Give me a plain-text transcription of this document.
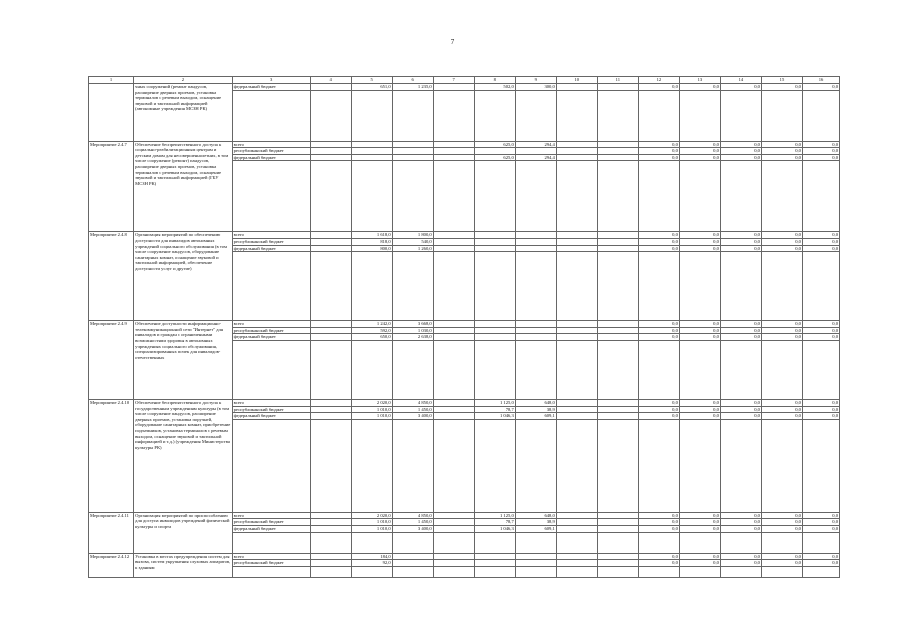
7
1	2	3	4	5	6	7	8	9	10	11	12	13	14	15	16
	чных сооружений (ремонт пандусов, расширение дверных проемов, установка терминалов с речевым выходом, оснащение звуковой и тактильной информацией (автономные учреждения МСЗН РК)	федеральный бюджет		651,0	1 235,0		502,0	300,0			0,0	0,0	0,0	0,0	0,0

Мероприятие 2.4.7	Обеспечение беспрепятственного доступа к социально-реабилитационным центрам и детским домам для несовершеннолетних, в том числе сооружение (ремонт) пандусов, расширение дверных проемов, установка терминалов с речевым выходом, оснащение звуковой и тактильной информацией (ГБУ МСЗН РК)	всего					625,0	294,4			0,0	0,0	0,0	0,0	0,0
		республиканский бюджет									0,0	0,0	0,0	0,0	0,0
		федеральный бюджет					625,0	294,4			0,0	0,0	0,0	0,0	0,0

Мероприятие 2.4.8	Организация мероприятий по обеспечению доступности для инвалидов автономных учреждений социального обслуживания (в том числе сооружение пандусов, оборудование санитарных комнат, оснащение звуковой и тактильной информацией, обеспечение доступности услуг и другие)	всего		1 618,0	1 800,0						0,0	0,0	0,0	0,0	0,0
		республиканский бюджет		818,0	540,0						0,0	0,0	0,0	0,0	0,0
		федеральный бюджет		800,0	1 260,0						0,0	0,0	0,0	0,0	0,0

Мероприятие 2.4.9	Обеспечение доступности информационно-телекоммуникационной сети "Интернет" для инвалидов и граждан с ограниченными возможностями здоровья в автономных учреждениях социального обслуживания, специализированных почек для инвалидов-отечественных	всего		1 242,0	3 668,0						0,0	0,0	0,0	0,0	0,0
		республиканский бюджет		592,0	1 030,0						0,0	0,0	0,0	0,0	0,0
		федеральный бюджет		650,0	2 638,0						0,0	0,0	0,0	0,0	0,0

Мероприятие 2.4.10	Обеспечение беспрепятственного доступа к государственным учреждениям культуры (в том числе сооружение пандусов, расширение дверных проемов, установка поручней, оборудование санитарных комнат, приобретение подъемников, установка терминалов с речевым выходом, оснащение звуковой и тактильной информацией и т.д.) (учреждения Министерства культуры РК)	всего		2 020,0	4 850,0		1 125,0	648,0			0,0	0,0	0,0	0,0	0,0
		республиканский бюджет		1 010,0	1 450,0		78,7	38,9			0,0	0,0	0,0	0,0	0,0
		федеральный бюджет		1 010,0	3 400,0		1 046,3	609,1			0,0	0,0	0,0	0,0	0,0

Мероприятие 2.4.11	Организация мероприятий по приспособлению для доступа инвалидов учреждений физической культуры и спорта	всего		2 020,0	4 850,0		1 125,0	648,0			0,0	0,0	0,0	0,0	0,0
		республиканский бюджет		1 010,0	1 450,0		78,7	38,9			0,0	0,0	0,0	0,0	0,0
		федеральный бюджет		1 010,0	3 400,0		1 046,3	609,1			0,0	0,0	0,0	0,0	0,0

Мероприятие 2.4.12	Установка в местах предупреждения систем для вызова, систем укрупнения слуховых аппаратов, к зданиям	всего		184,0							0,0	0,0	0,0	0,0	0,0
		республиканский бюджет		92,0							0,0	0,0	0,0	0,0	0,0
